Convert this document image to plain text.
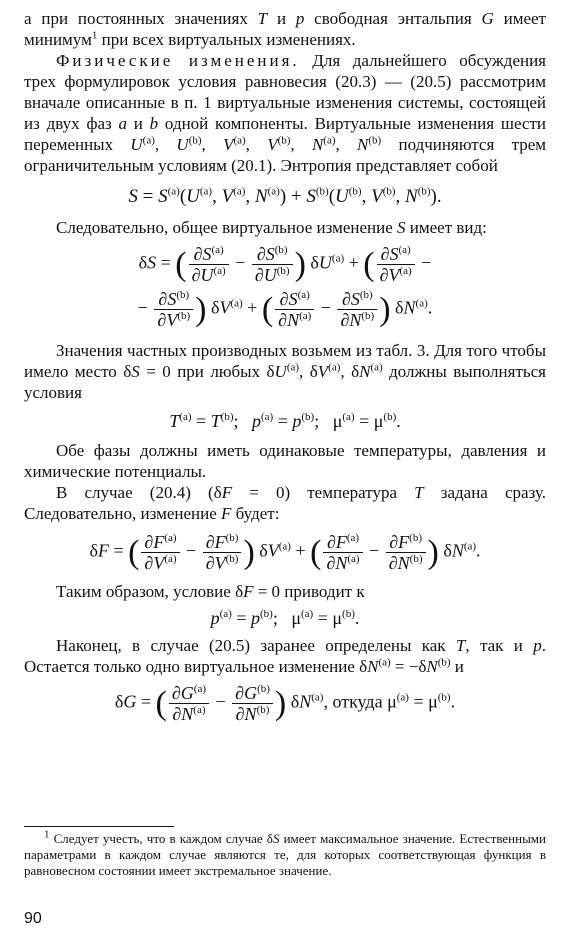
а при постоянных значениях T и p свободная энтальпия G имеет минимум$^1$ при всех виртуальных изменениях.

Физические изменения. Для дальнейшего обсуждения трех формулировок условия равновесия (20.3) — (20.5) рассмотрим вначале описанные в п. 1 виртуальные изменения системы, состоящей из двух фаз a и b одной компоненты. Виртуальные изменения шести переменных $U^{(a)}$, $U^{(b)}$, $V^{(a)}$, $V^{(b)}$, $N^{(a)}$, $N^{(b)}$ подчиняются трем ограничительным условиям (20.1). Энтропия представляет собой

$S = S^{(a)}(U^{(a)}$, $V^{(a)}$, $N^{(a)}) + S^{(b)}(U^{(b)}$, $V^{(b)}$, $N^{(b)}$).

Следовательно, общее виртуальное изменение S имеет вид:

δS = ( $\frac{\partial S^{(a)}}{\partial U^{(a)}} - \frac{\partial S^{(b)}}{\partial U^{(b)}}$ ) $\delta U^{(a)}$ + ( $\frac{\partial S^{(a)}}{\partial V^{(a)}}$ −

− $\frac{\partial S^{(b)}}{\partial V^{(b)}}$ ) $\delta V^{(a)}$ + ( $\frac{\partial S^{(a)}}{\partial N^{(a)}} - \frac{\partial S^{(b)}}{\partial N^{(b)}}$ ) $\delta N^{(a)}$.

Значения частных производных возьмем из табл. 3. Для того чтобы имело место δS = 0 при любых $\delta U^{(a)}$, $\delta V^{(a)}$, $\delta N^{(a)}$ должны выполняться условия

$T^{(a)} = T^{(b)}$;   $p^{(a)} = p^{(b)}$;   $\mu^{(a)} = \mu^{(b)}$.

Обе фазы должны иметь одинаковые температуры, давления и химические потенциалы.

В случае (20.4) (δF = 0) температура T задана сразу. Следовательно, изменение F будет:

δF = ( $\frac{\partial F^{(a)}}{\partial V^{(a)}} - \frac{\partial F^{(b)}}{\partial V^{(b)}}$ ) $\delta V^{(a)}$ + ( $\frac{\partial F^{(a)}}{\partial N^{(a)}} - \frac{\partial F^{(b)}}{\partial N^{(b)}}$ ) $\delta N^{(a)}$.

Таким образом, условие δF = 0 приводит к

$p^{(a)} = p^{(b)}$;   $\mu^{(a)} = \mu^{(b)}$.

Наконец, в случае (20.5) заранее определены как T, так и p. Остается только одно виртуальное изменение $\delta N^{(a)} = -\delta N^{(b)}$ и

δG = ( $\frac{\partial G^{(a)}}{\partial N^{(a)}} - \frac{\partial G^{(b)}}{\partial N^{(b)}}$ ) $\delta N^{(a)}$, откуда $\mu^{(a)} = \mu^{(b)}$.

$^1$ Следует учесть, что в каждом случае δS имеет максимальное значение. Естественными параметрами в каждом случае являются те, для которых соответствующая функция в равновесном состоянии имеет экстремальное значение.

90
